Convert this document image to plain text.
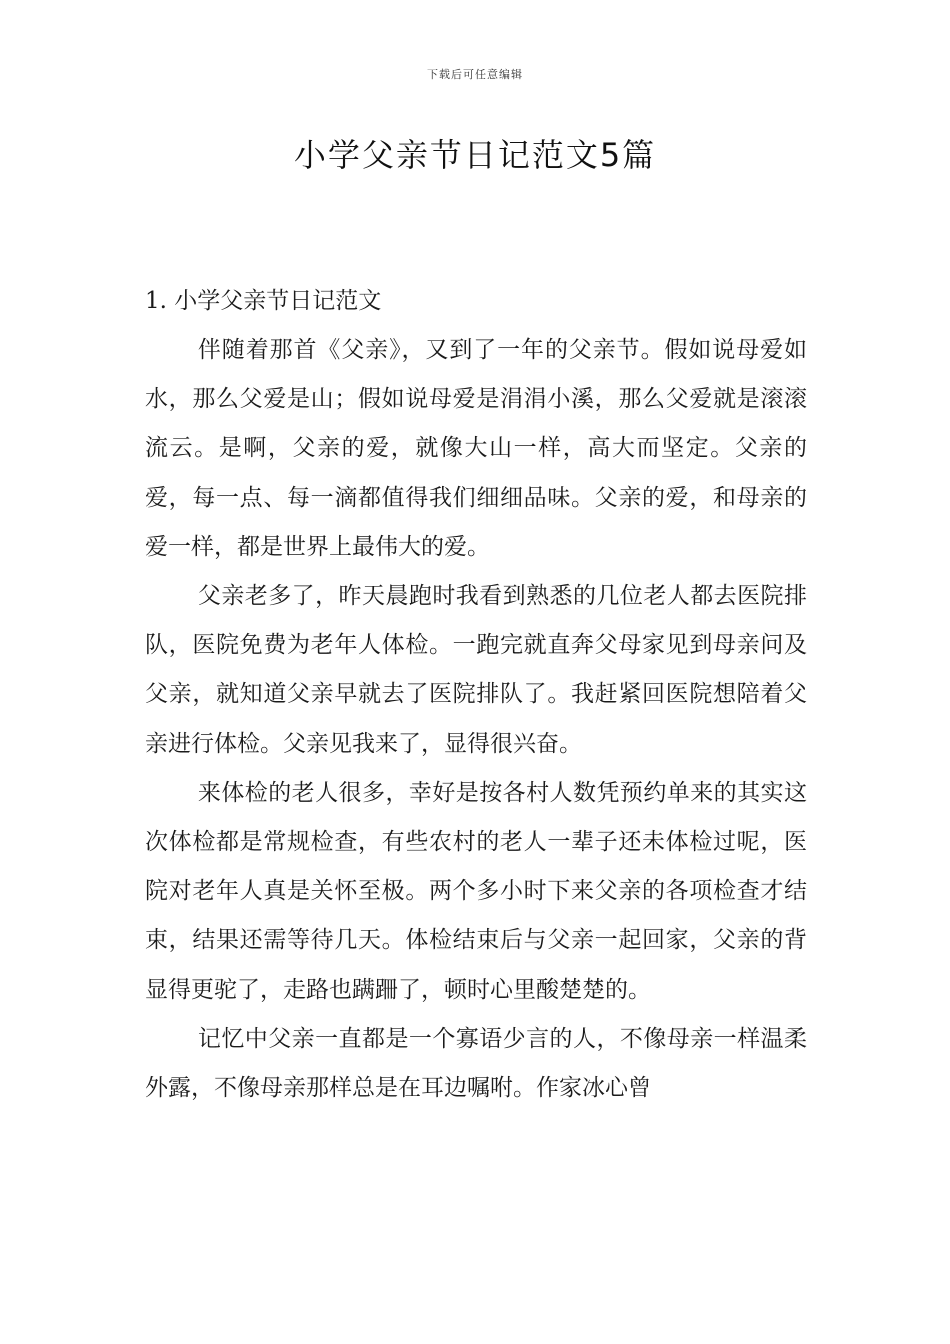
下载后可任意编辑
小学父亲节日记范文5篇
1. 小学父亲节日记范文

伴随着那首《父亲》，又到了一年的父亲节。假如说母爱如水，那么父爱是山；假如说母爱是涓涓小溪，那么父爱就是滚滚流云。是啊，父亲的爱，就像大山一样，高大而坚定。父亲的爱，每一点、每一滴都值得我们细细品味。父亲的爱，和母亲的爱一样，都是世界上最伟大的爱。

父亲老多了，昨天晨跑时我看到熟悉的几位老人都去医院排队，医院免费为老年人体检。一跑完就直奔父母家见到母亲问及父亲，就知道父亲早就去了医院排队了。我赶紧回医院想陪着父亲进行体检。父亲见我来了，显得很兴奋。

来体检的老人很多，幸好是按各村人数凭预约单来的其实这次体检都是常规检查，有些农村的老人一辈子还未体检过呢，医院对老年人真是关怀至极。两个多小时下来父亲的各项检查才结束，结果还需等待几天。体检结束后与父亲一起回家，父亲的背显得更驼了，走路也蹒跚了，顿时心里酸楚楚的。

记忆中父亲一直都是一个寡语少言的人，不像母亲一样温柔外露，不像母亲那样总是在耳边嘱咐。作家冰心曾
